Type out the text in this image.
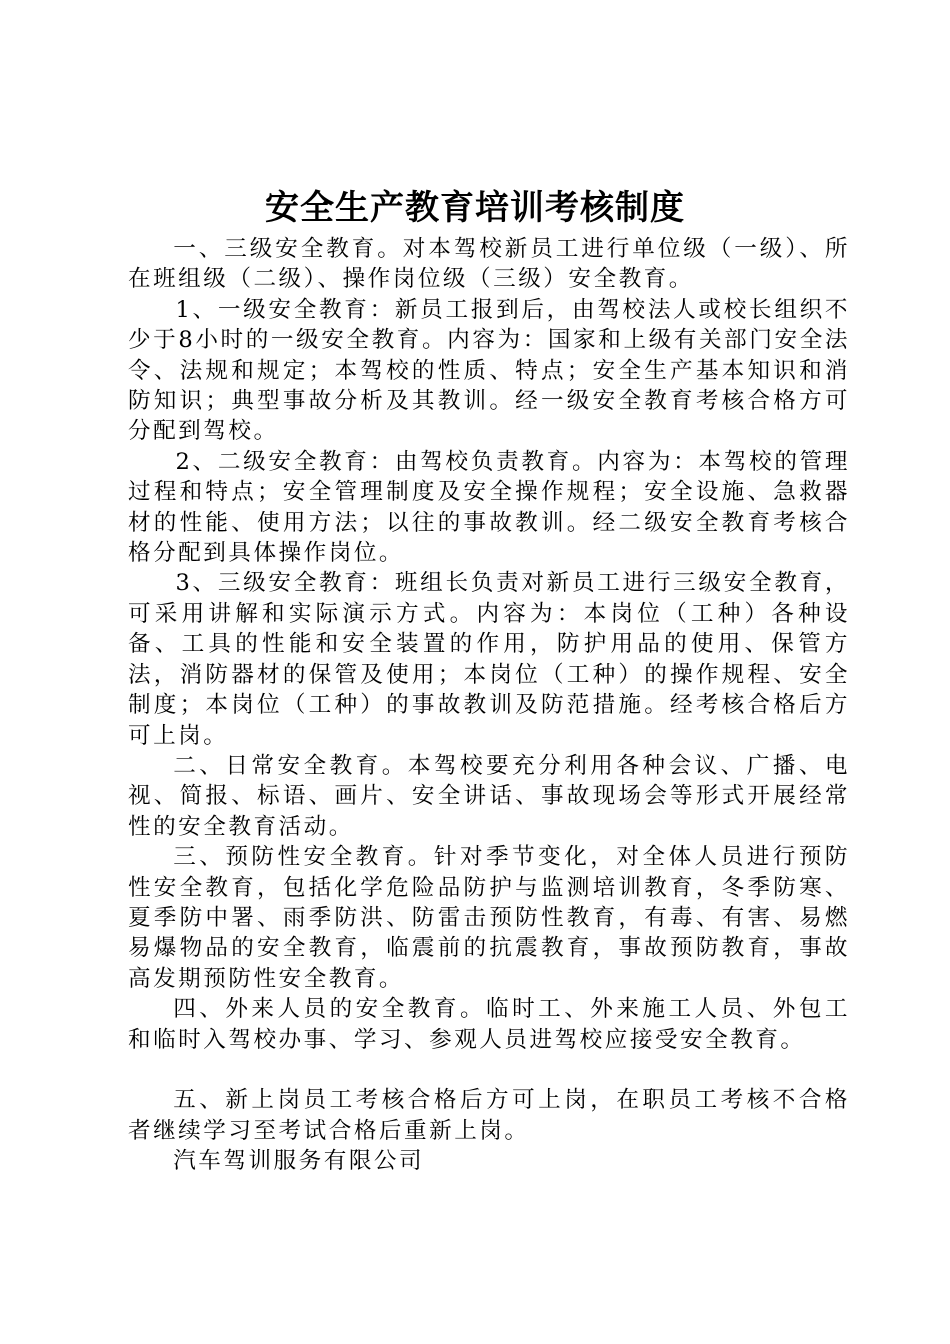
安全生产教育培训考核制度

一、三级安全教育。对本驾校新员工进行单位级（一级）、所在班组级（二级）、操作岗位级（三级）安全教育。

1、一级安全教育：新员工报到后，由驾校法人或校长组织不少于8小时的一级安全教育。内容为：国家和上级有关部门安全法令、法规和规定；本驾校的性质、特点；安全生产基本知识和消防知识；典型事故分析及其教训。经一级安全教育考核合格方可分配到驾校。

2、二级安全教育：由驾校负责教育。内容为：本驾校的管理过程和特点；安全管理制度及安全操作规程；安全设施、急救器材的性能、使用方法；以往的事故教训。经二级安全教育考核合格分配到具体操作岗位。

3、三级安全教育：班组长负责对新员工进行三级安全教育，可采用讲解和实际演示方式。内容为：本岗位（工种）各种设备、工具的性能和安全装置的作用，防护用品的使用、保管方法，消防器材的保管及使用；本岗位（工种）的操作规程、安全制度；本岗位（工种）的事故教训及防范措施。经考核合格后方可上岗。

二、日常安全教育。本驾校要充分利用各种会议、广播、电视、简报、标语、画片、安全讲话、事故现场会等形式开展经常性的安全教育活动。

三、预防性安全教育。针对季节变化，对全体人员进行预防性安全教育，包括化学危险品防护与监测培训教育，冬季防寒、夏季防中署、雨季防洪、防雷击预防性教育，有毒、有害、易燃易爆物品的安全教育，临震前的抗震教育，事故预防教育，事故高发期预防性安全教育。

四、外来人员的安全教育。临时工、外来施工人员、外包工和临时入驾校办事、学习、参观人员进驾校应接受安全教育。

五、新上岗员工考核合格后方可上岗，在职员工考核不合格者继续学习至考试合格后重新上岗。

汽车驾训服务有限公司
